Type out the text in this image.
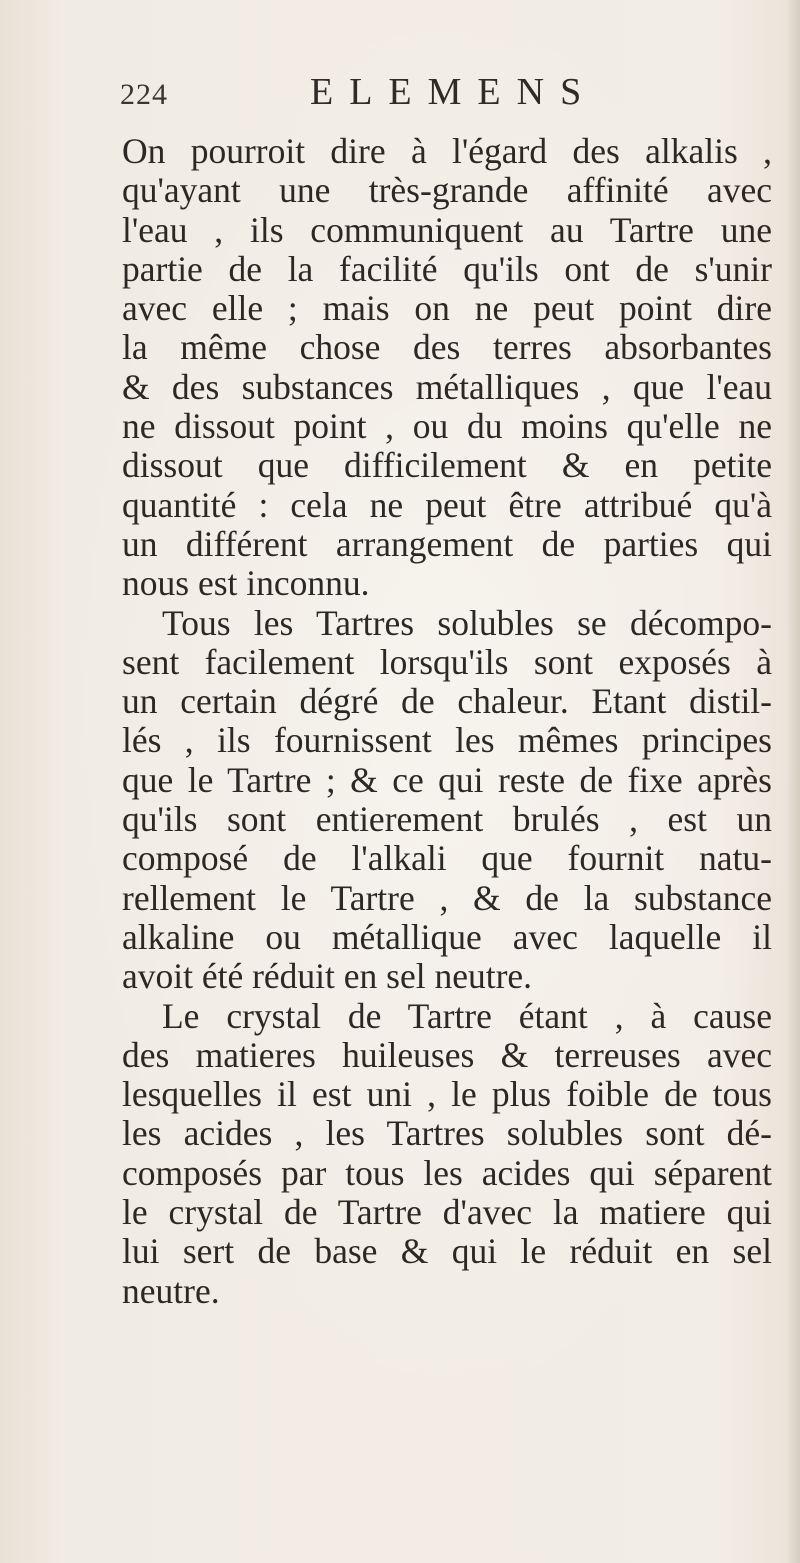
224	ELEMENS

On pourroit dire à l'égard des alkalis ,
qu'ayant une très-grande affinité avec
l'eau , ils communiquent au Tartre une
partie de la facilité qu'ils ont de s'unir
avec elle ; mais on ne peut point dire
la même chose des terres absorbantes
& des substances métalliques , que l'eau
ne dissout point , ou du moins qu'elle ne
dissout que difficilement & en petite
quantité : cela ne peut être attribué qu'à
un différent arrangement de parties qui
nous est inconnu.

Tous les Tartres solubles se décompo-
sent facilement lorsqu'ils sont exposés à
un certain dégré de chaleur. Etant distil-
lés , ils fournissent les mêmes principes
que le Tartre ; & ce qui reste de fixe après
qu'ils sont entierement brulés , est un
composé de l'alkali que fournit natu-
rellement le Tartre , & de la substance
alkaline ou métallique avec laquelle il
avoit été réduit en sel neutre.

Le crystal de Tartre étant , à cause
des matieres huileuses & terreuses avec
lesquelles il est uni , le plus foible de tous
les acides , les Tartres solubles sont dé-
composés par tous les acides qui séparent
le crystal de Tartre d'avec la matiere qui
lui sert de base & qui le réduit en sel
neutre.
